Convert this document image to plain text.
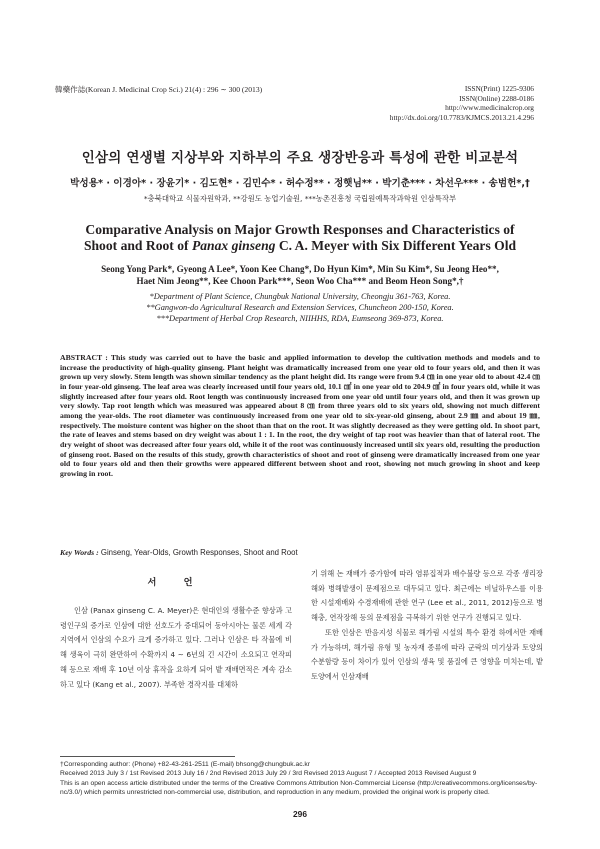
韓藥作誌(Korean J. Medicinal Crop Sci.) 21(4) : 296 ∼ 300 (2013)	ISSN(Print) 1225-9306
ISSN(Online) 2288-0186
http://www.medicinalcrop.org
http://dx.doi.org/10.7783/KJMCS.2013.21.4.296
인삼의 연생별 지상부와 지하부의 주요 생장반응과 특성에 관한 비교분석
박성용* · 이경아* · 장윤기* · 김도현* · 김민수* · 허수정** · 정햇님** · 박기춘*** · 차선우*** · 송범헌*,†
*충북대학교 식물자원학과, **강원도 농업기술원, ***농촌진흥청 국립원예특작과학원 인삼특작부
Comparative Analysis on Major Growth Responses and Characteristics of
Shoot and Root of Panax ginseng C. A. Meyer with Six Different Years Old
Seong Yong Park*, Gyeong A Lee*, Yoon Kee Chang*, Do Hyun Kim*, Min Su Kim*, Su Jeong Heo**,
Haet Nim Jeong**, Kee Choon Park***, Seon Woo Cha*** and Beom Heon Song*,†
*Department of Plant Science, Chungbuk National University, Cheongju 361-763, Korea.
**Gangwon-do Agricultural Research and Extension Services, Chuncheon 200-150, Korea.
***Department of Herbal Crop Research, NIIHHS, RDA, Eumseong 369-873, Korea.
ABSTRACT : This study was carried out to have the basic and applied information to develop the cultivation methods and models and to increase the productivity of high-quality ginseng. Plant height was dramatically increased from one year old to four years old, and then it was grown up very slowly. Stem length was shown similar tendency as the plant height did. Its range were from 9.4 ㎝ in one year old to about 42.4 ㎝ in four year-old ginseng. The leaf area was clearly increased until four years old, 10.1 ㎠ in one year old to 204.9 ㎠ in four years old, while it was slightly increased after four years old. Root length was continuously increased from one year old until four years old, and then it was grown up very slowly. Tap root length which was measured was appeared about 8 ㎝ from three years old to six years old, showing not much different among the year-olds. The root diameter was continuously increased from one year old to six-year-old ginseng, about 2.9 ㎜ and about 19 ㎜, respectively. The moisture content was higher on the shoot than that on the root. It was slightly decreased as they were getting old. In shoot part, the rate of leaves and stems based on dry weight was about 1 : 1. In the root, the dry weight of tap root was heavier than that of lateral root. The dry weight of shoot was decreased after four years old, while it of the root was continuously increased until six years old, resulting the production of ginseng root. Based on the results of this study, growth characteristics of shoot and root of ginseng were dramatically increased from one year old to four years old and then their growths were appeared different between shoot and root, showing not much growing in shoot and keep growing in root.
Key Words : Ginseng, Year-Olds, Growth Responses, Shoot and Root
서 언

인삼 (Panax ginseng C. A. Meyer)은 현대인의 생활수준 향상과 고령인구의 증가로 인삼에 대한 선호도가 증대되어 동아시아는 물론 세계 각 지역에서 인삼의 수요가 크게 증가하고 있다. 그러나 인삼은 타 작물에 비해 생육이 극히 완만하여 수확까지 4 ∼ 6년의 긴 시간이 소요되고 연작피해 등으로 재배 후 10년 이상 휴작을 요하게 되어 밭 재배면적은 계속 감소하고 있다 (Kang et al., 2007). 부족한 경작지를 대체하

기 위해 논 재배가 증가함에 따라 염류집적과 배수불량 등으로 각종 생리장해와 병해발생이 문제점으로 대두되고 있다. 최근에는 비닐하우스를 이용한 시설재배와 수경재배에 관한 연구 (Lee et al., 2011, 2012)등으로 병해충, 연작장해 등의 문제점을 극복하기 위한 연구가 진행되고 있다.

또한 인삼은 반음지성 식물로 해가림 시설의 특수 환경 하에서만 재배가 가능하며, 해가림 유형 및 농자재 종류에 따라 군락의 미기상과 토양의 수분함량 등이 차이가 있어 인삼의 생육 및 품질에 큰 영향을 미치는데, 밭 토양에서 인삼재배

†Corresponding author: (Phone) +82-43-261-2511 (E-mail) bhsong@chungbuk.ac.kr
Received 2013 July 3 / 1st Revised 2013 July 16 / 2nd Revised 2013 July 29 / 3rd Revised 2013 August 7 / Accepted 2013 Revised August 9
This is an open access article distributed under the terms of the Creative Commons Attribution Non-Commercial License (http://creativecommons.org/licenses/by-nc/3.0/) which permits unrestricted non-commercial use, distribution, and reproduction in any medium, provided the original work is properly cited.
296
